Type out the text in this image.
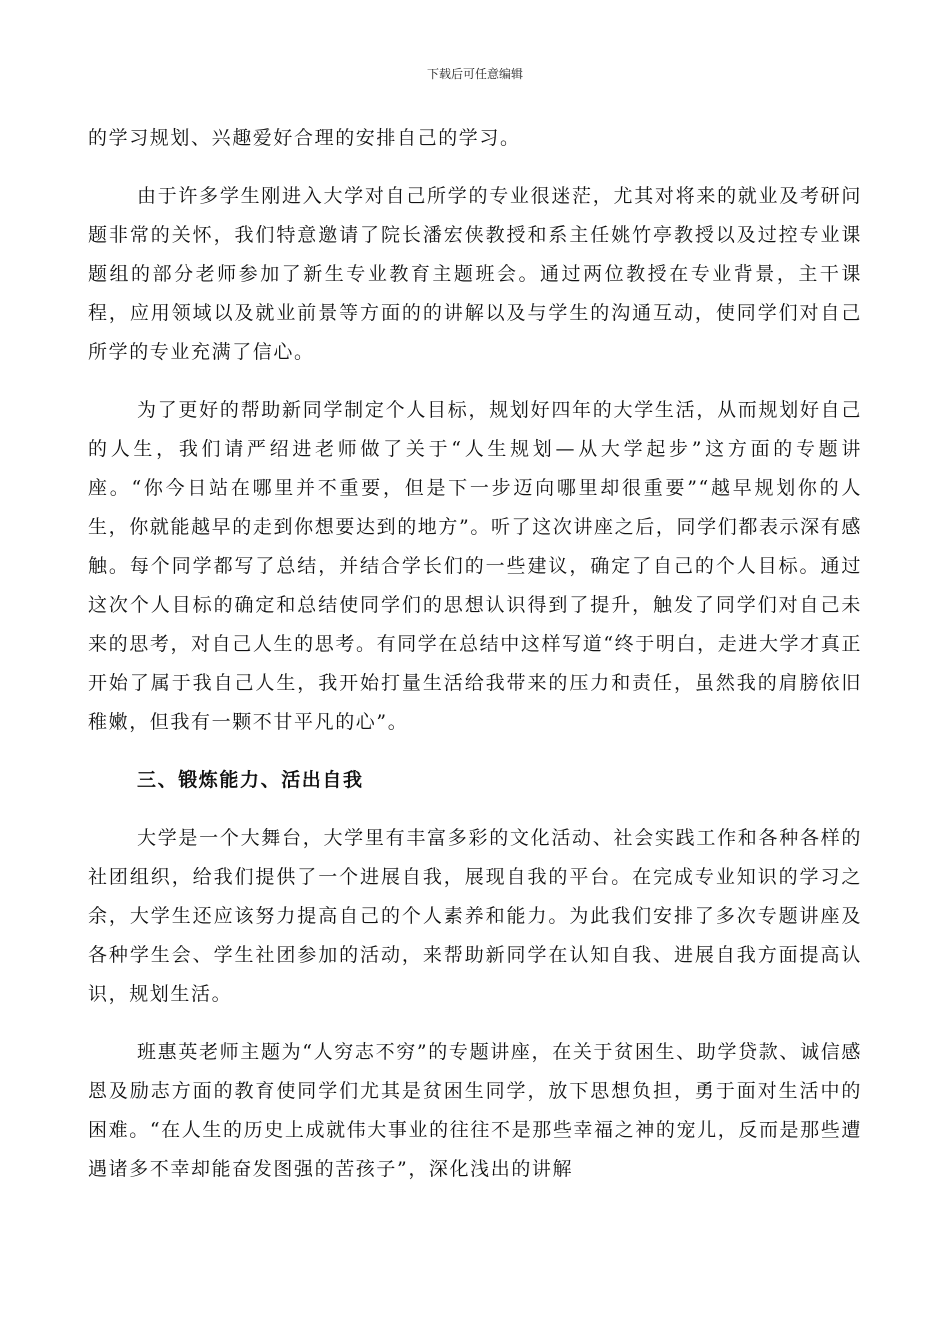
下载后可任意编辑

的学习规划、兴趣爱好合理的安排自己的学习。

由于许多学生刚进入大学对自己所学的专业很迷茫，尤其对将来的就业及考研问题非常的关怀，我们特意邀请了院长潘宏侠教授和系主任姚竹亭教授以及过控专业课题组的部分老师参加了新生专业教育主题班会。通过两位教授在专业背景，主干课程，应用领域以及就业前景等方面的的讲解以及与学生的沟通互动，使同学们对自己所学的专业充满了信心。

为了更好的帮助新同学制定个人目标，规划好四年的大学生活，从而规划好自己的人生，我们请严绍进老师做了关于“人生规划—从大学起步”这方面的专题讲座。“你今日站在哪里并不重要，但是下一步迈向哪里却很重要”“越早规划你的人生，你就能越早的走到你想要达到的地方”。听了这次讲座之后，同学们都表示深有感触。每个同学都写了总结，并结合学长们的一些建议，确定了自己的个人目标。通过这次个人目标的确定和总结使同学们的思想认识得到了提升，触发了同学们对自己未来的思考，对自己人生的思考。有同学在总结中这样写道“终于明白，走进大学才真正开始了属于我自己人生，我开始打量生活给我带来的压力和责任，虽然我的肩膀依旧稚嫩，但我有一颗不甘平凡的心”。

三、锻炼能力、活出自我

大学是一个大舞台，大学里有丰富多彩的文化活动、社会实践工作和各种各样的社团组织，给我们提供了一个进展自我，展现自我的平台。在完成专业知识的学习之余，大学生还应该努力提高自己的个人素养和能力。为此我们安排了多次专题讲座及各种学生会、学生社团参加的活动，来帮助新同学在认知自我、进展自我方面提高认识，规划生活。

班惠英老师主题为“人穷志不穷”的专题讲座，在关于贫困生、助学贷款、诚信感恩及励志方面的教育使同学们尤其是贫困生同学，放下思想负担，勇于面对生活中的困难。“在人生的历史上成就伟大事业的往往不是那些幸福之神的宠儿，反而是那些遭遇诸多不幸却能奋发图强的苦孩子”，深化浅出的讲解
